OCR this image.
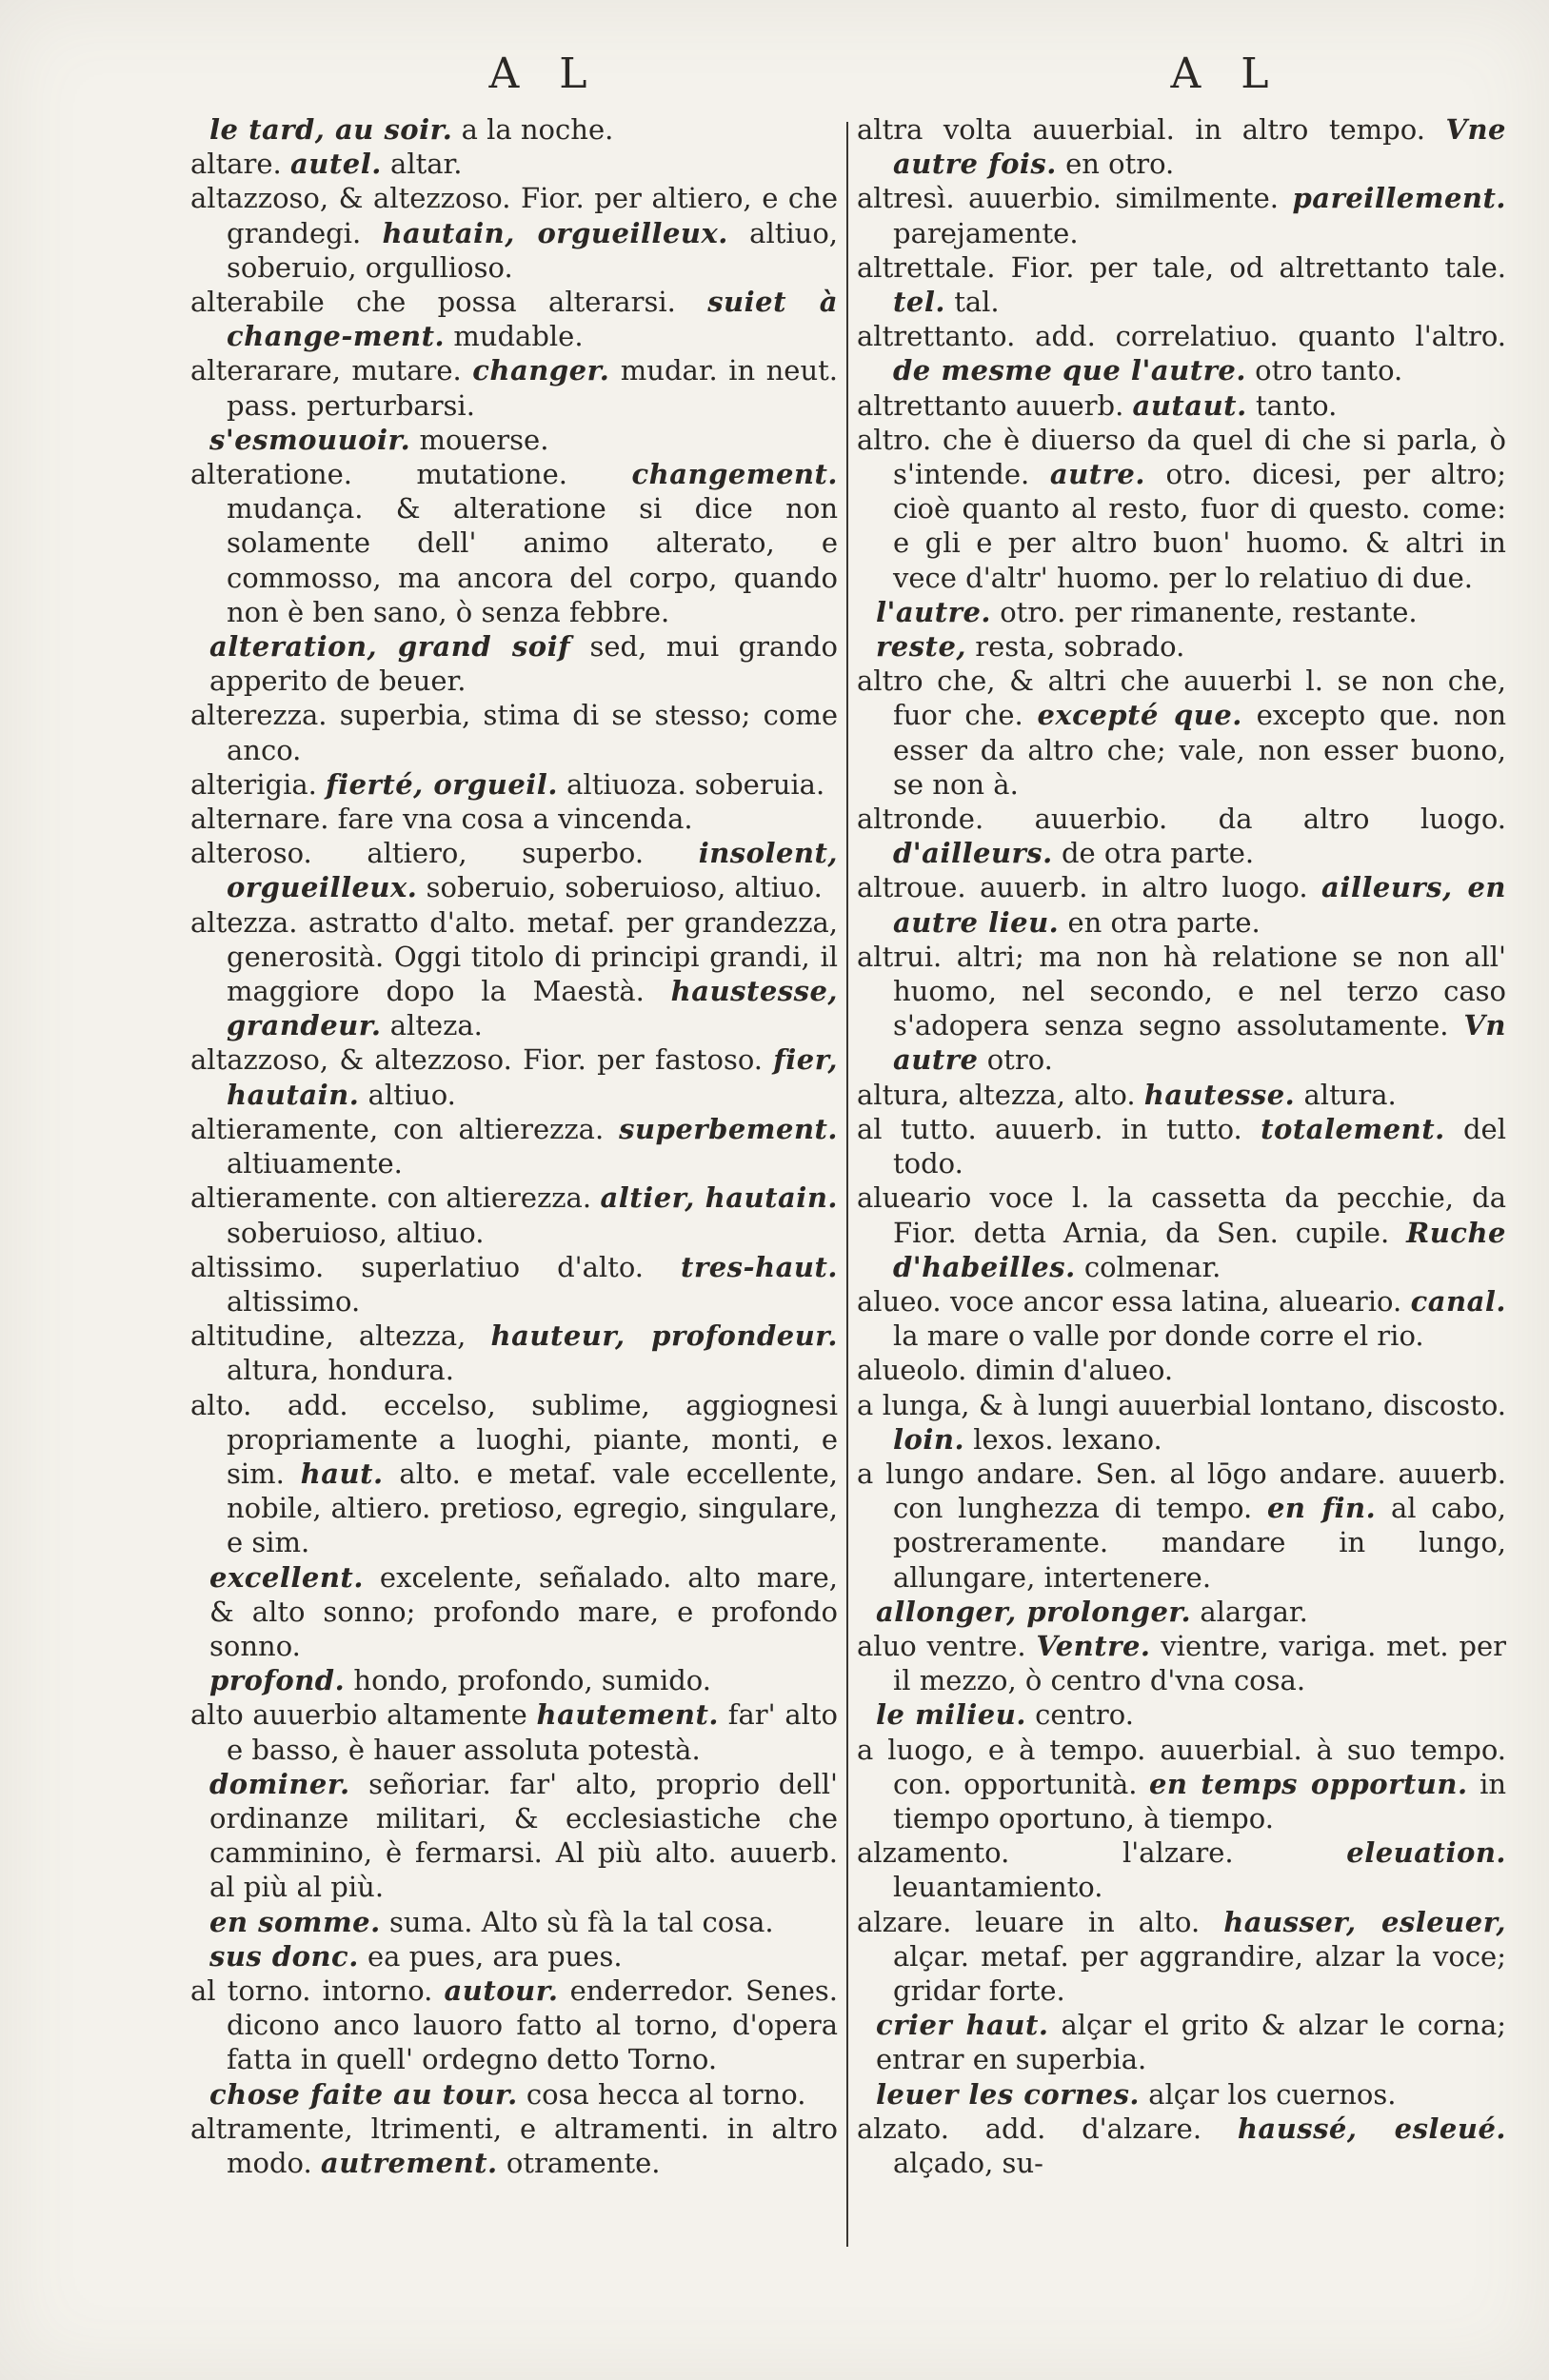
A L	A L

le tard, au soir. a la noche.

altare. autel. altar.

altazzoso, & altezzoso. Fior. per altiero, e che grandegi. hautain, orgueilleux. altiuo, soberuio, orgullioso.

alterabile che possa alterarsi. suiet à change-ment. mudable.

alterarare, mutare. changer. mudar. in neut. pass. perturbarsi.

s'esmouuoir. mouerse.

alteratione. mutatione. changement. mudança. & alteratione si dice non solamente dell' animo alterato, e commosso, ma ancora del corpo, quando non è ben sano, ò senza febbre.

alteration, grand soif sed, mui grando apperito de beuer.

alterezza. superbia, stima di se stesso; come anco.

alterigia. fierté, orgueil. altiuoza. soberuia.

alternare. fare vna cosa a vincenda.

alteroso. altiero, superbo. insolent, orgueilleux. soberuio, soberuioso, altiuo.

altezza. astratto d'alto. metaf. per grandezza, generosità. Oggi titolo di principi grandi, il maggiore dopo la Maestà. haustesse, grandeur. alteza.

altazzoso, & altezzoso. Fior. per fastoso. fier, hautain. altiuo.

altieramente, con altierezza. superbement. altiuamente.

altieramente. con altierezza. altier, hautain. soberuioso, altiuo.

altissimo. superlatiuo d'alto. tres-haut. altissimo.

altitudine, altezza, hauteur, profondeur. altura, hondura.

alto. add. eccelso, sublime, aggiognesi propriamente a luoghi, piante, monti, e sim. haut. alto. e metaf. vale eccellente, nobile, altiero. pretioso, egregio, singulare, e sim.

excellent. excelente, señalado. alto mare, & alto sonno; profondo mare, e profondo sonno.

profond. hondo, profondo, sumido.

alto auuerbio altamente hautement. far' alto e basso, è hauer assoluta potestà.

dominer. señoriar. far' alto, proprio dell' ordinanze militari, & ecclesiastiche che camminino, è fermarsi. Al più alto. auuerb. al più al più.

en somme. suma. Alto sù fà la tal cosa.

sus donc. ea pues, ara pues.

al torno. intorno. autour. enderredor. Senes. dicono anco lauoro fatto al torno, d'opera fatta in quell' ordegno detto Torno.

chose faite au tour. cosa hecca al torno.

altramente, ltrimenti, e altramenti. in altro modo. autrement. otramente.

altra volta auuerbial. in altro tempo. Vne autre fois. en otro.

altresì. auuerbio. similmente. pareillement. parejamente.

altrettale. Fior. per tale, od altrettanto tale. tel. tal.

altrettanto. add. correlatiuo. quanto l'altro. de mesme que l'autre. otro tanto.

altrettanto auuerb. autaut. tanto.

altro. che è diuerso da quel di che si parla, ò s'intende. autre. otro. dicesi, per altro; cioè quanto al resto, fuor di questo. come: e gli e per altro buon' huomo. & altri in vece d'altr' huomo. per lo relatiuo di due.

l'autre. otro. per rimanente, restante.

reste, resta, sobrado.

altro che, & altri che auuerbi l. se non che, fuor che. excepté que. excepto que. non esser da altro che; vale, non esser buono, se non à.

altronde. auuerbio. da altro luogo. d'ailleurs. de otra parte.

altroue. auuerb. in altro luogo. ailleurs, en autre lieu. en otra parte.

altrui. altri; ma non hà relatione se non all' huomo, nel secondo, e nel terzo caso s'adopera senza segno assolutamente. Vn autre otro.

altura, altezza, alto. hautesse. altura.

al tutto. auuerb. in tutto. totalement. del todo.

alueario voce l. la cassetta da pecchie, da Fior. detta Arnia, da Sen. cupile. Ruche d'habeilles. colmenar.

alueo. voce ancor essa latina, alueario. canal. la mare o valle por donde corre el rio.

alueolo. dimin d'alueo.

a lunga, & à lungi auuerbial lontano, discosto. loin. lexos. lexano.

a lungo andare. Sen. al lōgo andare. auuerb. con lunghezza di tempo. en fin. al cabo, postreramente. mandare in lungo, allungare, intertenere.

allonger, prolonger. alargar.

aluo ventre. Ventre. vientre, variga. met. per il mezzo, ò centro d'vna cosa.

le milieu. centro.

a luogo, e à tempo. auuerbial. à suo tempo. con. opportunità. en temps opportun. in tiempo oportuno, à tiempo.

alzamento. l'alzare.	eleuation. leuantamiento.

alzare. leuare in alto. hausser, esleuer, alçar. metaf. per aggrandire, alzar la voce; gridar forte.

crier haut. alçar el grito & alzar le corna; entrar en superbia.

leuer les cornes. alçar los cuernos.

alzato. add. d'alzare. haussé, esleué. alçado, su-
